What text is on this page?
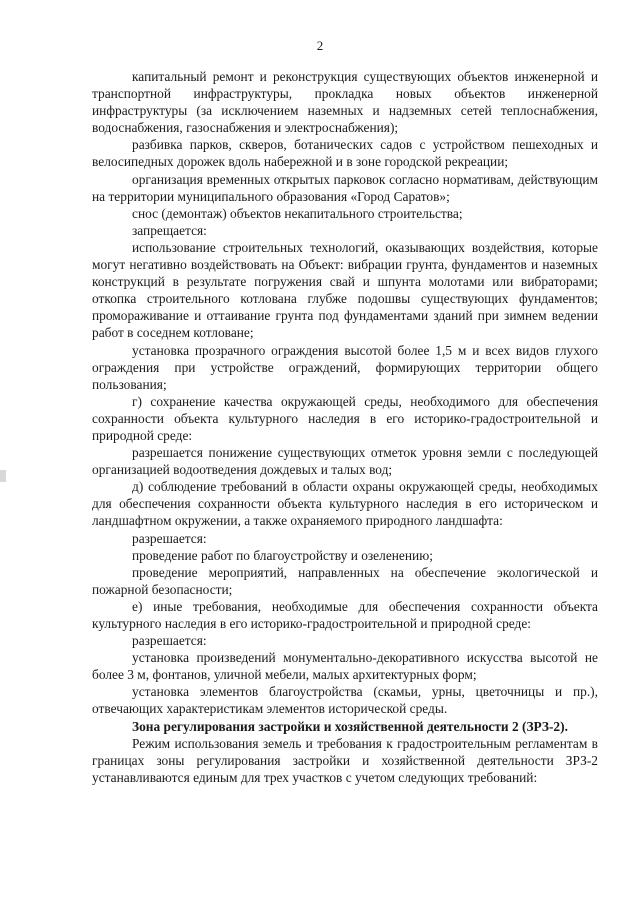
2

капитальный ремонт и реконструкция существующих объектов инженерной и транспортной инфраструктуры, прокладка новых объектов инженерной инфраструктуры (за исключением наземных и надземных сетей теплоснабжения, водоснабжения, газоснабжения и электроснабжения);

разбивка парков, скверов, ботанических садов с устройством пешеходных и велосипедных дорожек вдоль набережной и в зоне городской рекреации;

организация временных открытых парковок согласно нормативам, действующим на территории муниципального образования «Город Саратов»;

снос (демонтаж) объектов некапитального строительства;

запрещается:

использование строительных технологий, оказывающих воздействия, которые могут негативно воздействовать на Объект: вибрации грунта, фундаментов и наземных конструкций в результате погружения свай и шпунта молотами или вибраторами; откопка строительного котлована глубже подошвы существующих фундаментов; промораживание и оттаивание грунта под фундаментами зданий при зимнем ведении работ в соседнем котловане;

установка прозрачного ограждения высотой более 1,5 м и всех видов глухого ограждения при устройстве ограждений, формирующих территории общего пользования;

г) сохранение качества окружающей среды, необходимого для обеспечения сохранности объекта культурного наследия в его историко-градостроительной и природной среде:

разрешается понижение существующих отметок уровня земли с последующей организацией водоотведения дождевых и талых вод;

д) соблюдение требований в области охраны окружающей среды, необходимых для обеспечения сохранности объекта культурного наследия в его историческом и ландшафтном окружении, а также охраняемого природного ландшафта:

разрешается:

проведение работ по благоустройству и озеленению;

проведение мероприятий, направленных на обеспечение экологической и пожарной безопасности;

е) иные требования, необходимые для обеспечения сохранности объекта культурного наследия в его историко-градостроительной и природной среде:

разрешается:

установка произведений монументально-декоративного искусства высотой не более 3 м, фонтанов, уличной мебели, малых архитектурных форм;

установка элементов благоустройства (скамьи, урны, цветочницы и пр.), отвечающих характеристикам элементов исторической среды.

Зона регулирования застройки и хозяйственной деятельности 2 (ЗРЗ-2).

Режим использования земель и требования к градостроительным регламентам в границах зоны регулирования застройки и хозяйственной деятельности ЗРЗ-2 устанавливаются единым для трех участков с учетом следующих требований:
